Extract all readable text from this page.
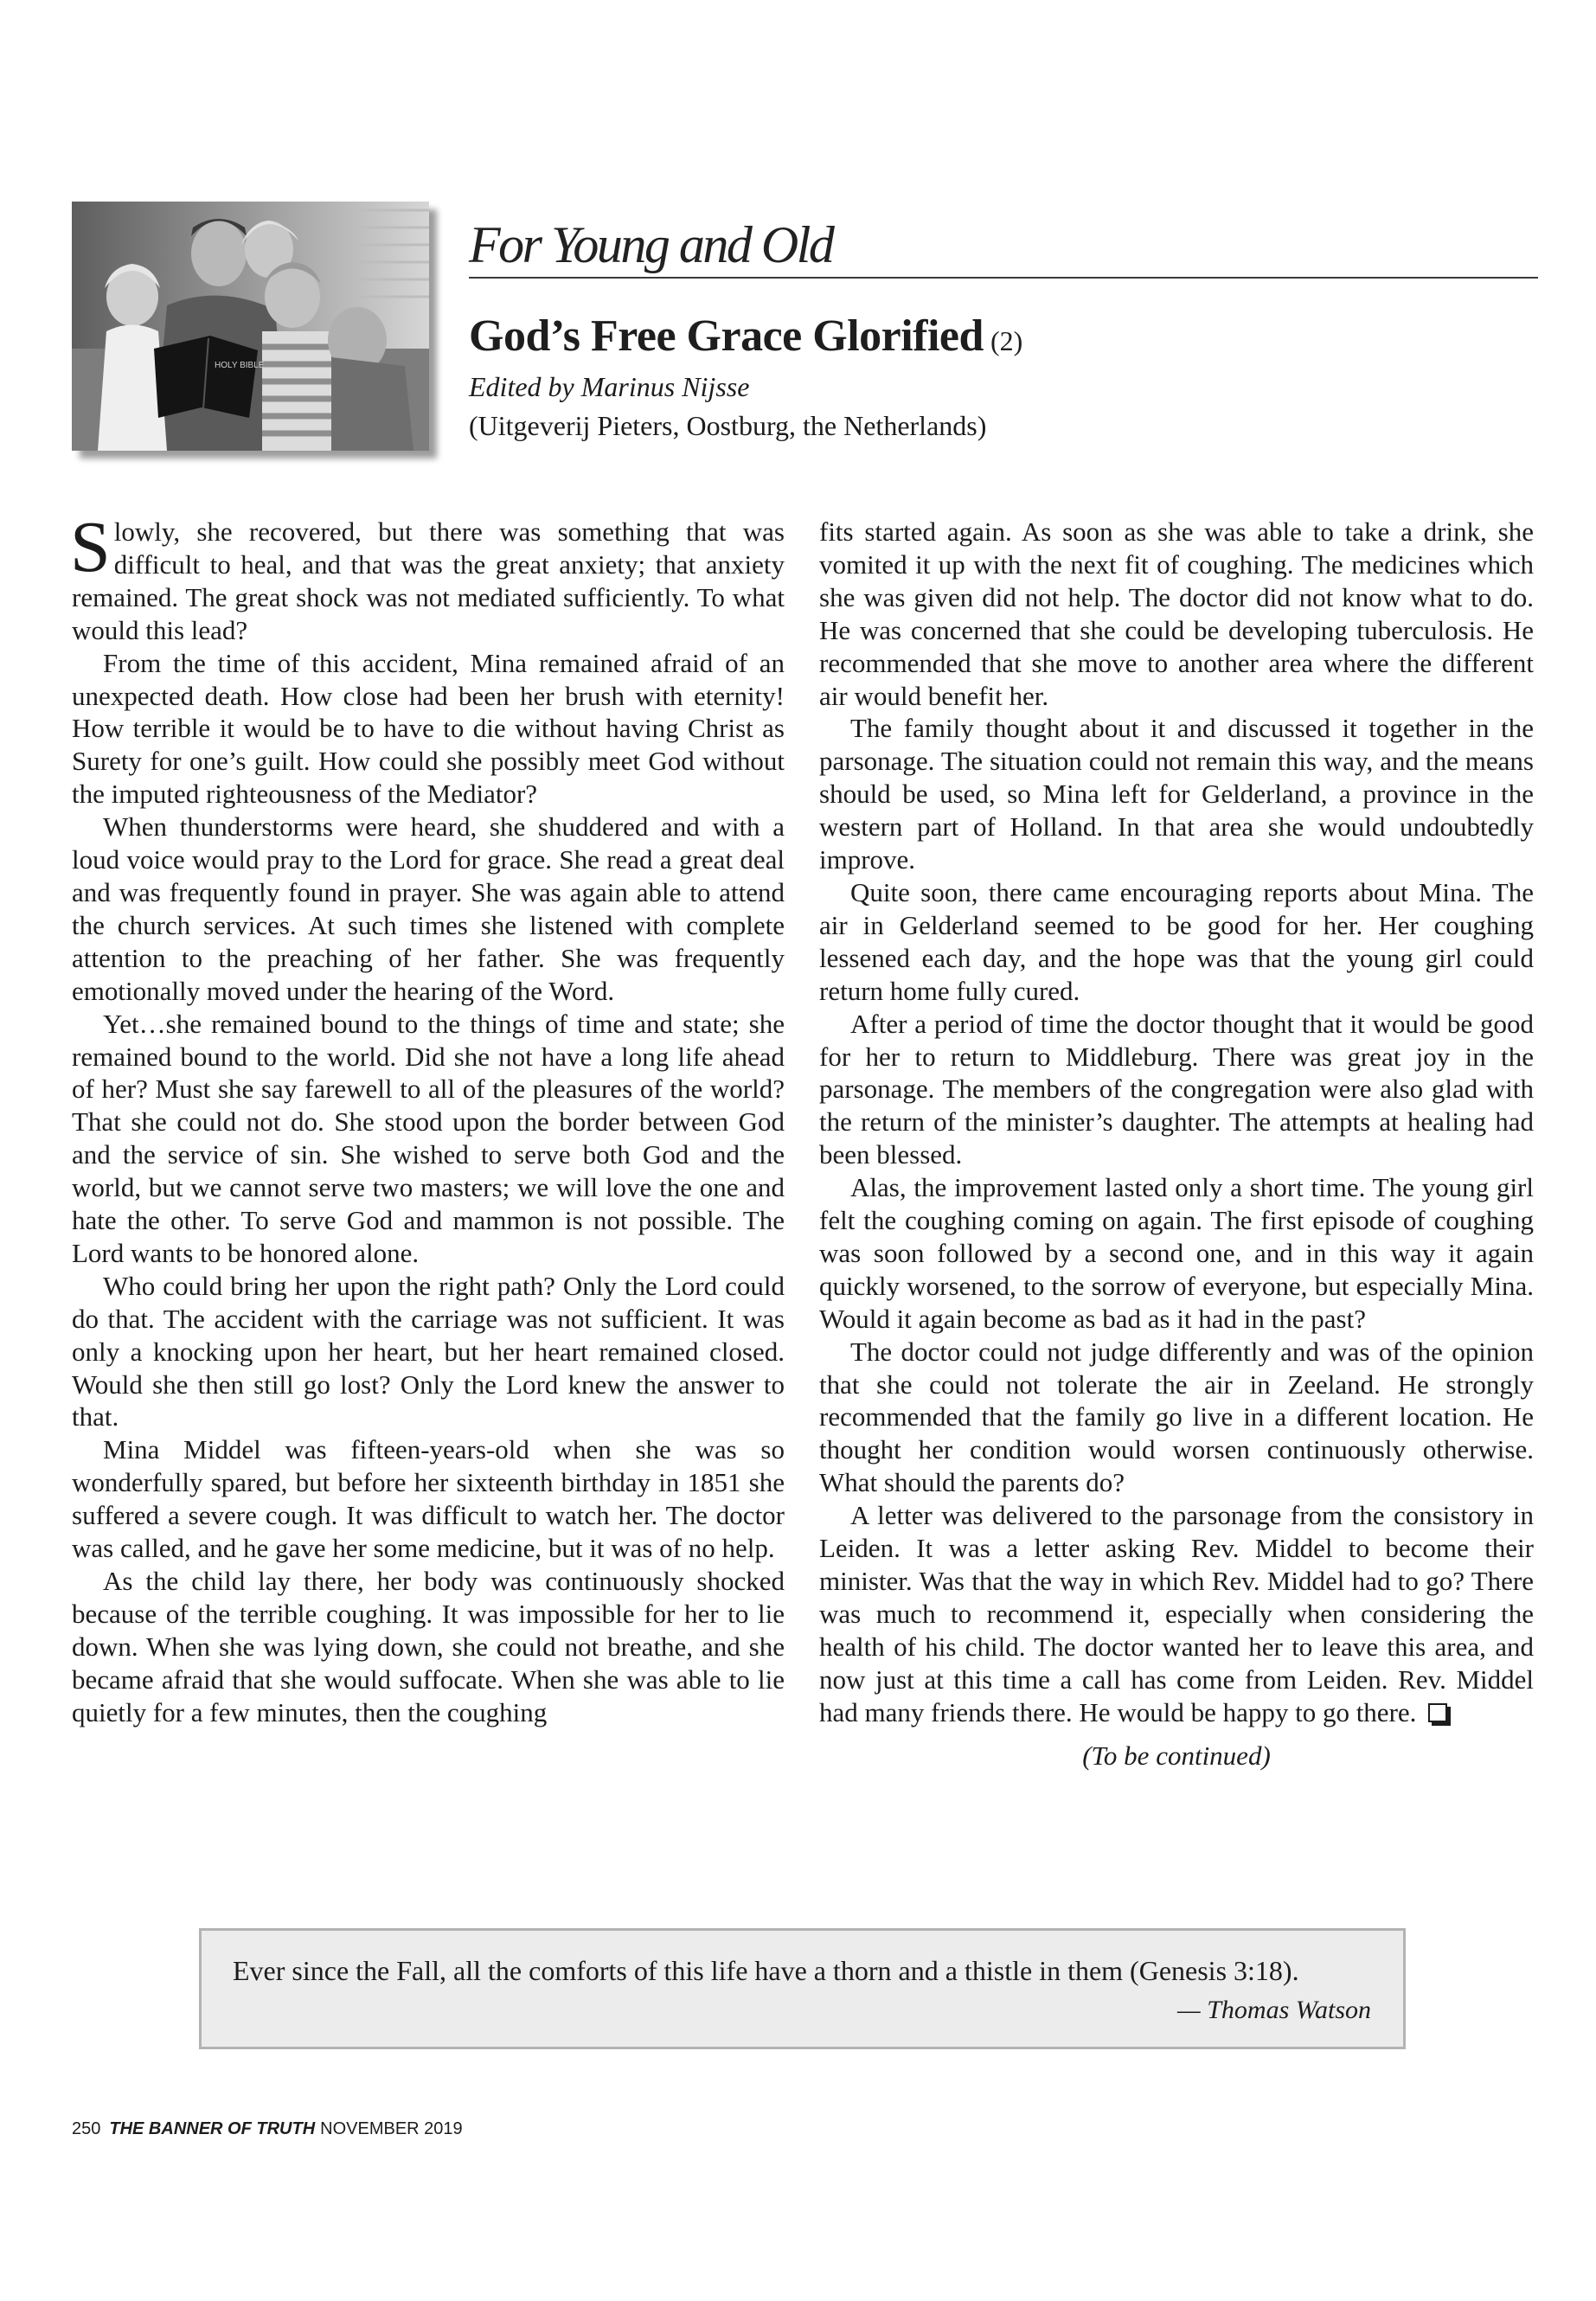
HOLY BIBLE
For Young and Old
God’s Free Grace Glorified (2)
Edited by Marinus Nijsse
(Uitgeverij Pieters, Oostburg, the Netherlands)

Slowly, she recovered, but there was something that was difficult to heal, and that was the great anxiety; that anxiety remained. The great shock was not mediated sufficiently. To what would this lead?

From the time of this accident, Mina remained afraid of an unexpected death. How close had been her brush with eternity! How terrible it would be to have to die without having Christ as Surety for one’s guilt. How could she possibly meet God without the imputed righteousness of the Mediator?

When thunderstorms were heard, she shuddered and with a loud voice would pray to the Lord for grace. She read a great deal and was frequently found in prayer. She was again able to attend the church services. At such times she listened with complete attention to the preaching of her father. She was frequently emotionally moved under the hearing of the Word.

Yet…she remained bound to the things of time and state; she remained bound to the world. Did she not have a long life ahead of her? Must she say farewell to all of the pleasures of the world? That she could not do. She stood upon the border between God and the service of sin. She wished to serve both God and the world, but we cannot serve two masters; we will love the one and hate the other. To serve God and mammon is not possible. The Lord wants to be honored alone.

Who could bring her upon the right path? Only the Lord could do that. The accident with the carriage was not sufficient. It was only a knocking upon her heart, but her heart remained closed. Would she then still go lost? Only the Lord knew the answer to that.

Mina Middel was fifteen-years-old when she was so wonderfully spared, but before her sixteenth birthday in 1851 she suffered a severe cough. It was difficult to watch her. The doctor was called, and he gave her some medicine, but it was of no help.

As the child lay there, her body was continuously shocked because of the terrible coughing. It was impossible for her to lie down. When she was lying down, she could not breathe, and she became afraid that she would suffocate. When she was able to lie quietly for a few minutes, then the coughing

fits started again. As soon as she was able to take a drink, she vomited it up with the next fit of coughing. The medicines which she was given did not help. The doctor did not know what to do. He was concerned that she could be developing tuberculosis. He recommended that she move to another area where the different air would benefit her.

The family thought about it and discussed it together in the parsonage. The situation could not remain this way, and the means should be used, so Mina left for Gelderland, a province in the western part of Holland. In that area she would undoubtedly improve.

Quite soon, there came encouraging reports about Mina. The air in Gelderland seemed to be good for her. Her coughing lessened each day, and the hope was that the young girl could return home fully cured.

After a period of time the doctor thought that it would be good for her to return to Middleburg. There was great joy in the parsonage. The members of the congregation were also glad with the return of the minister’s daughter. The attempts at healing had been blessed.

Alas, the improvement lasted only a short time. The young girl felt the coughing coming on again. The first episode of coughing was soon followed by a second one, and in this way it again quickly worsened, to the sorrow of everyone, but especially Mina. Would it again become as bad as it had in the past?

The doctor could not judge differently and was of the opinion that she could not tolerate the air in Zeeland. He strongly recommended that the family go live in a different location. He thought her condition would worsen continuously otherwise. What should the parents do?

A letter was delivered to the parsonage from the consistory in Leiden. It was a letter asking Rev. Middel to become their minister. Was that the way in which Rev. Middel had to go? There was much to recommend it, especially when considering the health of his child. The doctor wanted her to leave this area, and now just at this time a call has come from Leiden. Rev. Middel had many friends there. He would be happy to go there.

(To be continued)

Ever since the Fall, all the comforts of this life have a thorn and a thistle in them (Genesis 3:18).
— Thomas Watson
250 THE BANNER OF TRUTH NOVEMBER 2019
